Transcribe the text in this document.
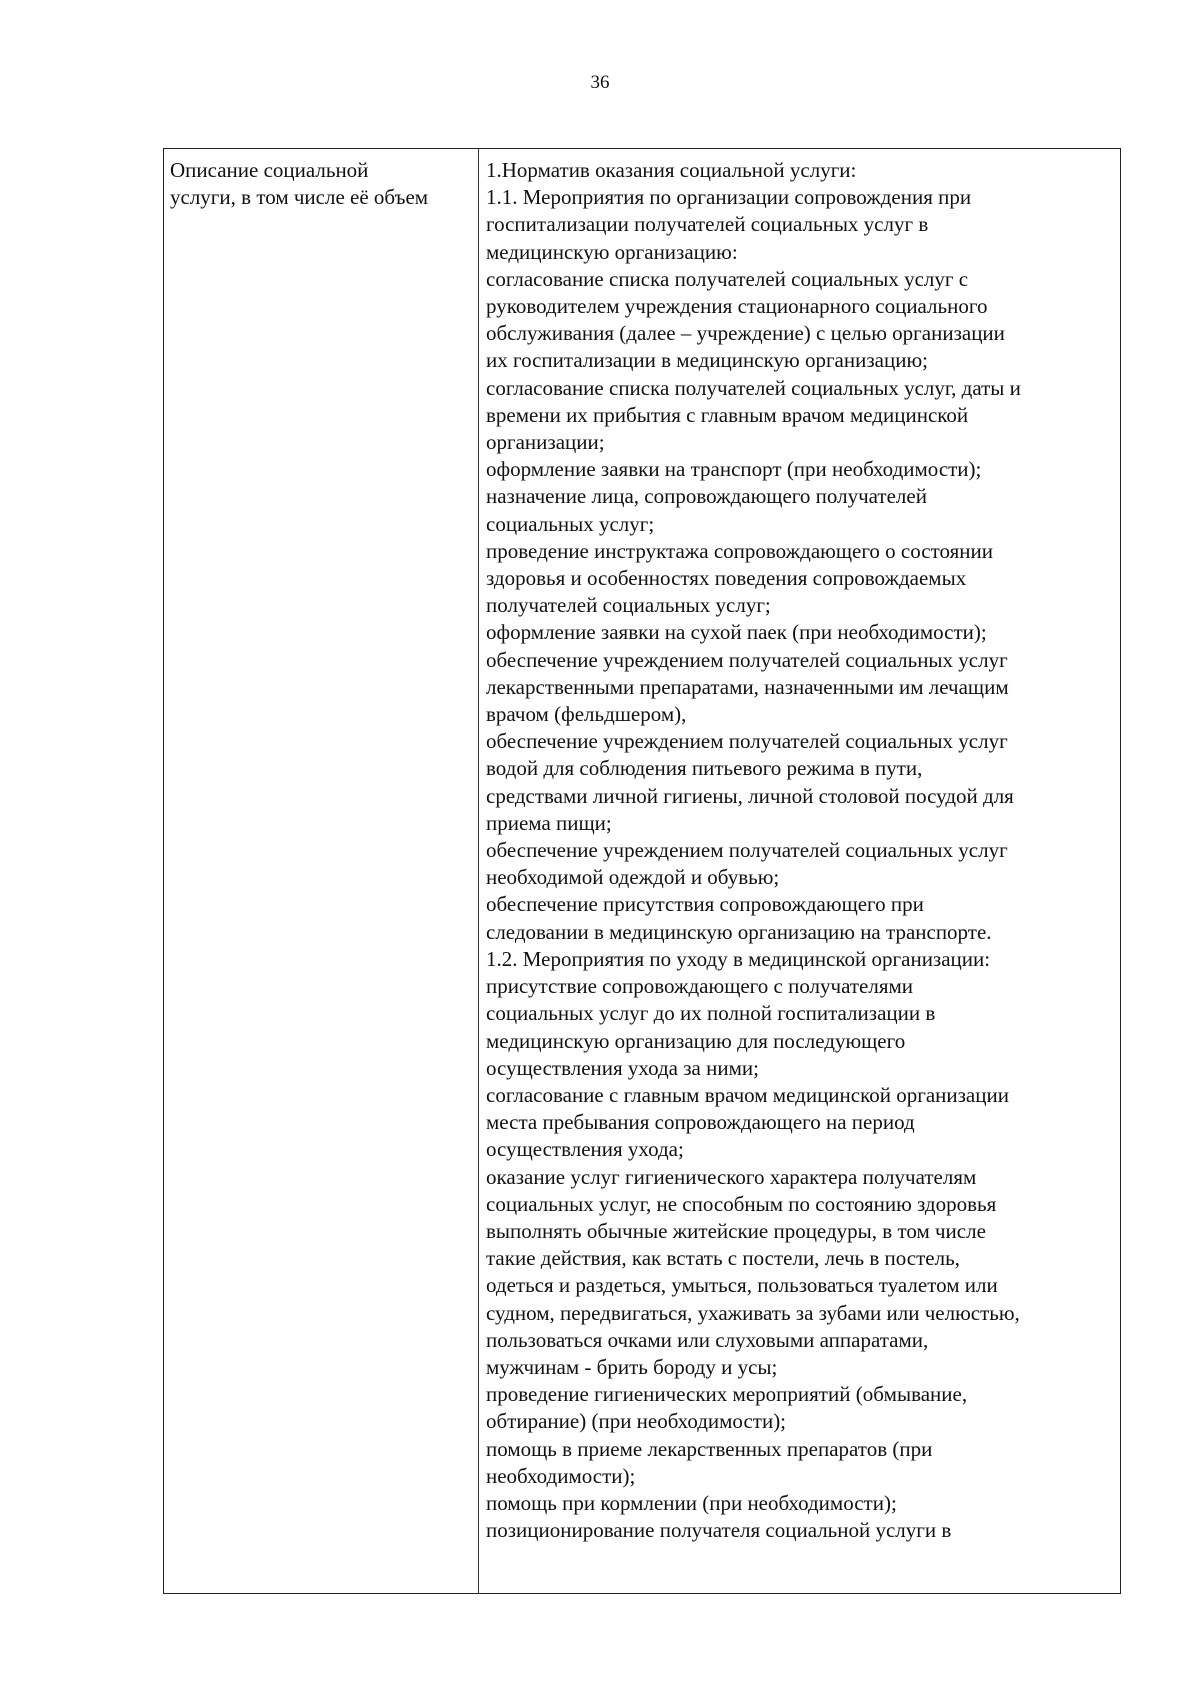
36
Описание социальной
услуги, в том числе её объем
1.Норматив оказания социальной услуги:
1.1. Мероприятия по организации сопровождения при
госпитализации получателей социальных услуг в
медицинскую организацию:
согласование списка получателей социальных услуг с
руководителем учреждения стационарного социального
обслуживания (далее – учреждение) с целью организации
их госпитализации в медицинскую организацию;
согласование списка получателей социальных услуг, даты и
времени их прибытия с главным врачом медицинской
организации;
оформление заявки на транспорт (при необходимости);
назначение лица, сопровождающего получателей
социальных услуг;
проведение инструктажа сопровождающего о состоянии
здоровья и особенностях поведения сопровождаемых
получателей социальных услуг;
оформление заявки на сухой паек (при необходимости);
обеспечение учреждением получателей социальных услуг
лекарственными препаратами, назначенными им лечащим
врачом (фельдшером),
обеспечение учреждением получателей социальных услуг
водой для соблюдения питьевого режима в пути,
средствами личной гигиены, личной столовой посудой для
приема пищи;
обеспечение учреждением получателей социальных услуг
необходимой одеждой и обувью;
обеспечение присутствия сопровождающего при
следовании в медицинскую организацию на транспорте.
1.2. Мероприятия по уходу в медицинской организации:
присутствие сопровождающего с получателями
социальных услуг до их полной госпитализации в
медицинскую организацию для последующего
осуществления ухода за ними;
согласование с главным врачом медицинской организации
места пребывания сопровождающего на период
осуществления ухода;
оказание услуг гигиенического характера получателям
социальных услуг, не способным по состоянию здоровья
выполнять обычные житейские процедуры, в том числе
такие действия, как встать с постели, лечь в постель,
одеться и раздеться, умыться, пользоваться туалетом или
судном, передвигаться, ухаживать за зубами или челюстью,
пользоваться очками или слуховыми аппаратами,
мужчинам - брить бороду и усы;
проведение гигиенических мероприятий (обмывание,
обтирание) (при необходимости);
помощь в приеме лекарственных препаратов (при
необходимости);
помощь при кормлении (при необходимости);
позиционирование получателя социальной услуги в
